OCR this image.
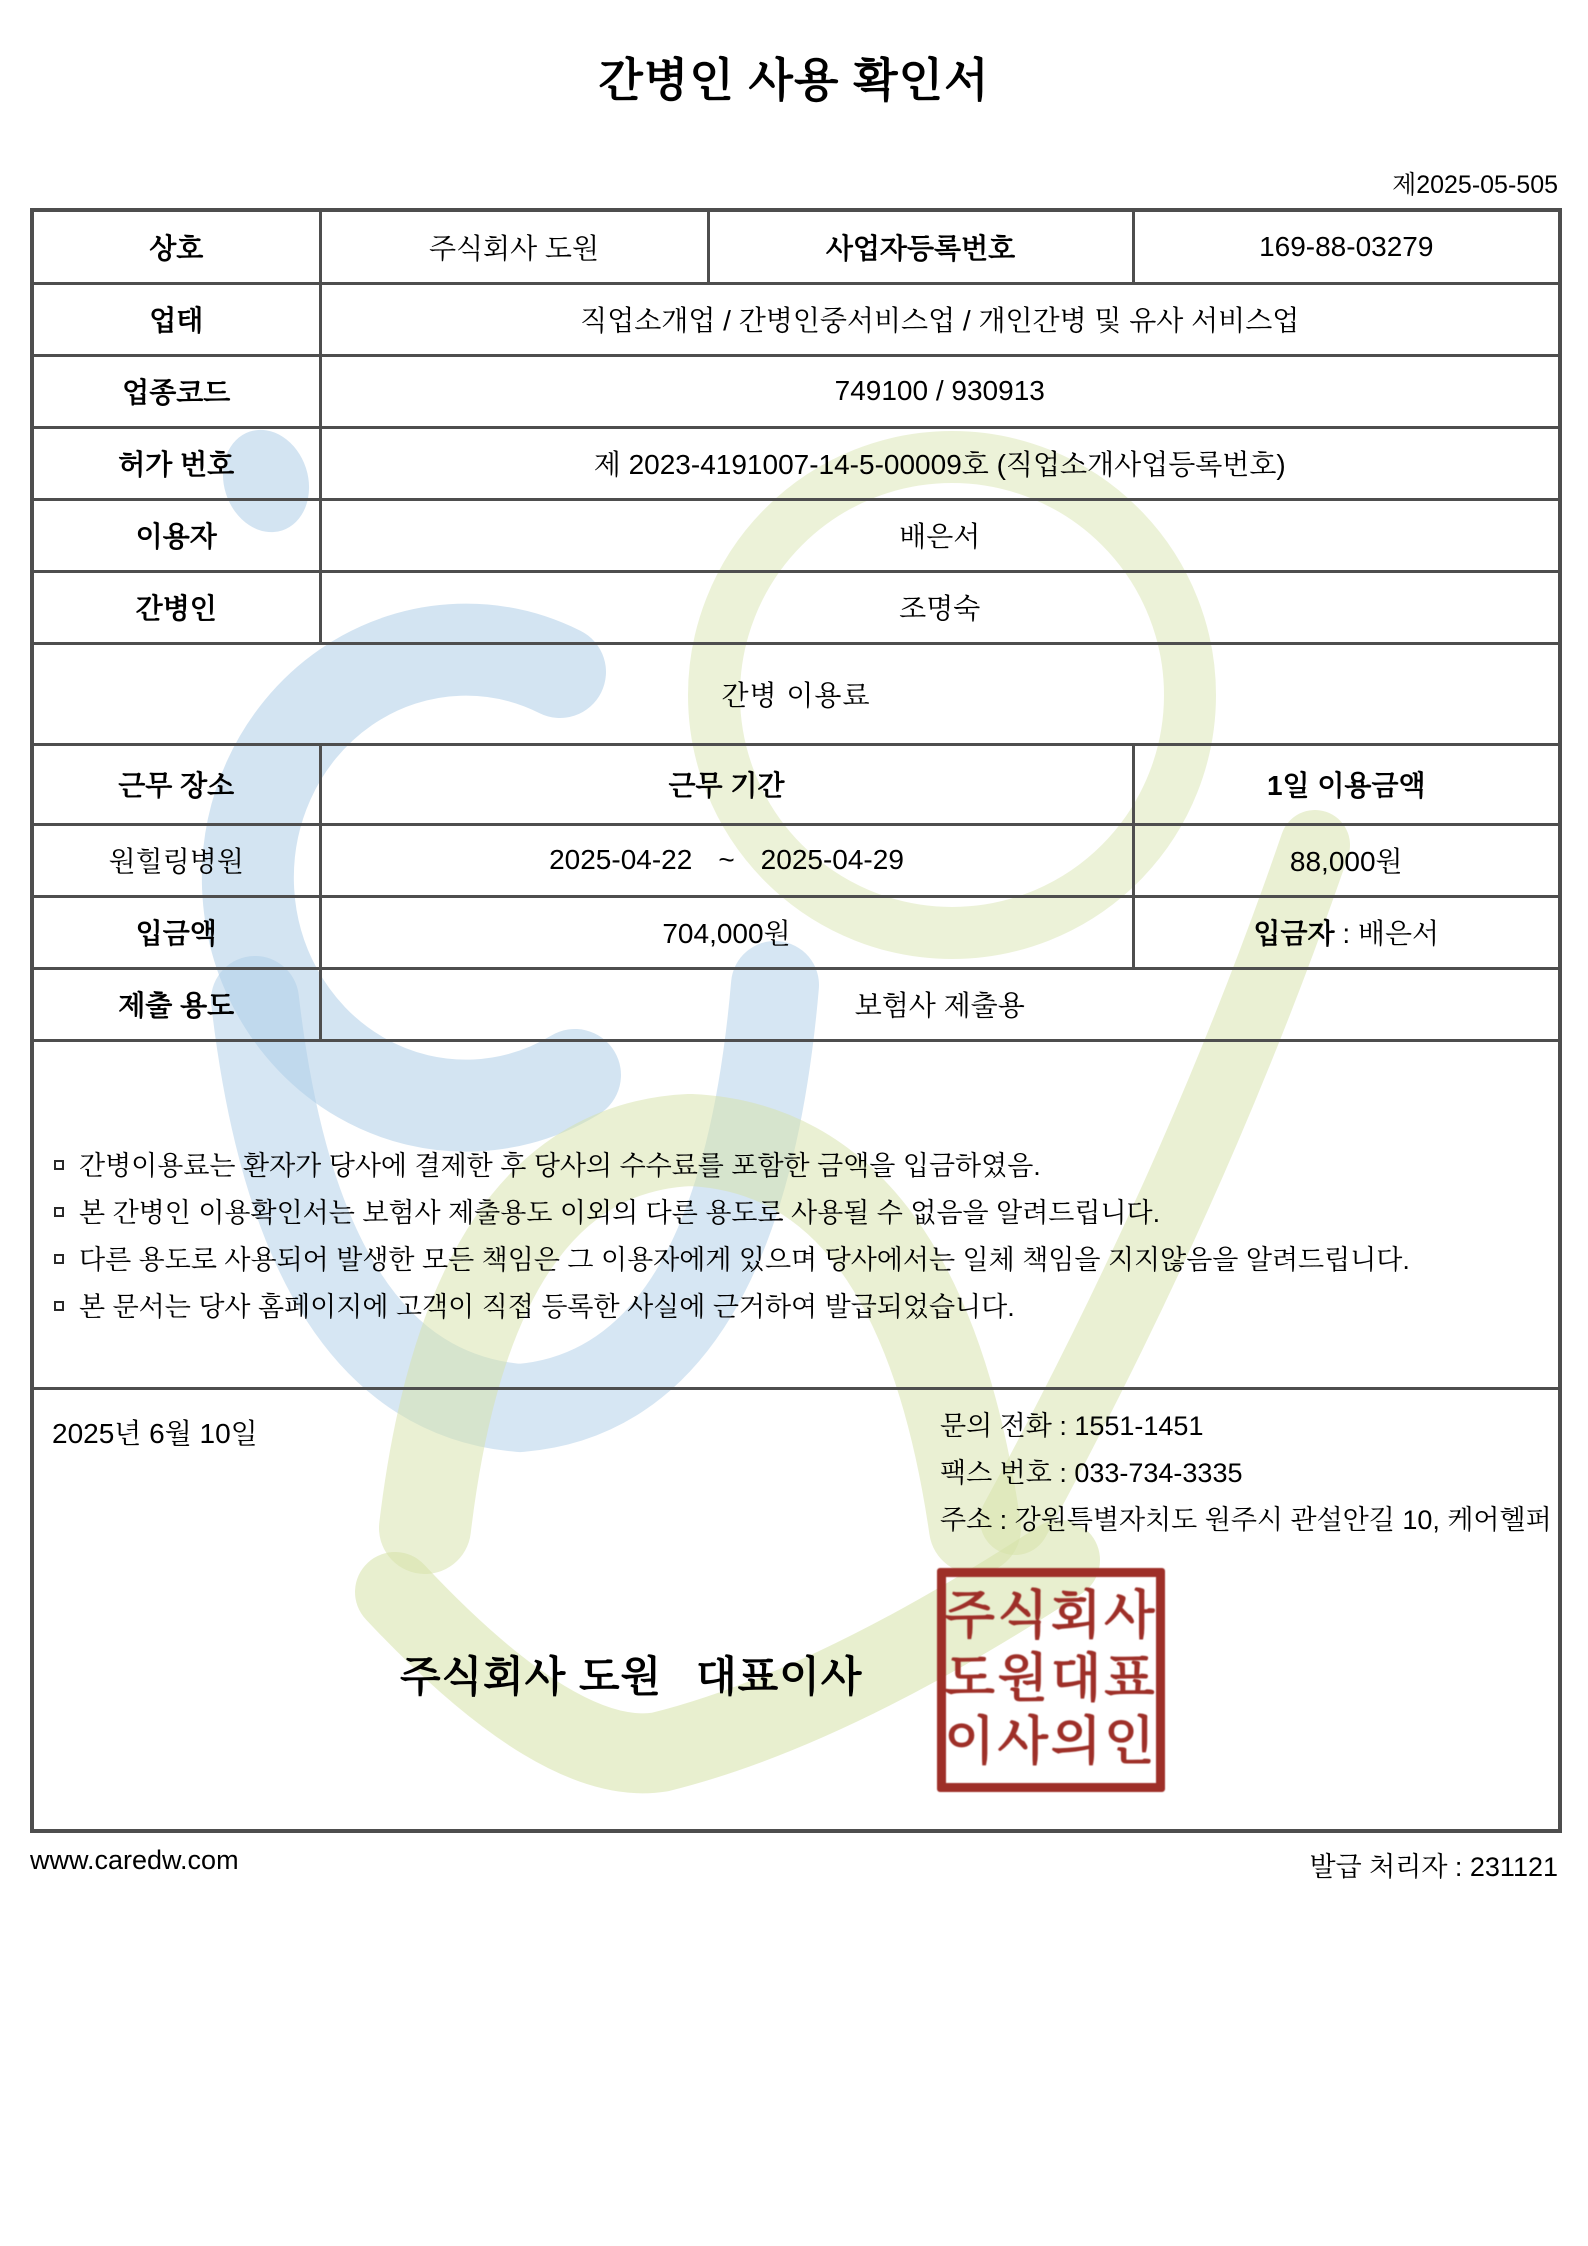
간병인 사용 확인서
제2025-05-505
상호	주식회사 도원	사업자등록번호	169-88-03279
업태	직업소개업 / 간병인중서비스업 / 개인간병 및 유사 서비스업		
업종코드	749100 / 930913		
허가 번호	제 2023-4191007-14-5-00009호 (직업소개사업등록번호)		
이용자	배은서		
간병인	조명숙		
간병 이용료			
근무 장소	근무 기간		1일 이용금액
원힐링병원	2025-04-22 ~ 2025-04-29		88,000원
입금액	704,000원		입금자 : 배은서
제출 용도	보험사 제출용		

간병이용료는 환자가 당사에 결제한 후 당사의 수수료를 포함한 금액을 입금하였음.
본 간병인 이용확인서는 보험사 제출용도 이외의 다른 용도로 사용될 수 없음을 알려드립니다.
다른 용도로 사용되어 발생한 모든 책임은 그 이용자에게 있으며 당사에서는 일체 책임을 지지않음을 알려드립니다.
본 문서는 당사 홈페이지에 고객이 직접 등록한 사실에 근거하여 발급되었습니다.			

2025년 6월 10일	문의 전화 : 1551-1451
팩스 번호 : 033-734-3335
주소 : 강원특별자치도 원주시 관설안길 10, 케어헬퍼
주식회사 도원 대표이사
주식회사
도원대표
이사의인
www.caredw.com	발급 처리자 : 231121
